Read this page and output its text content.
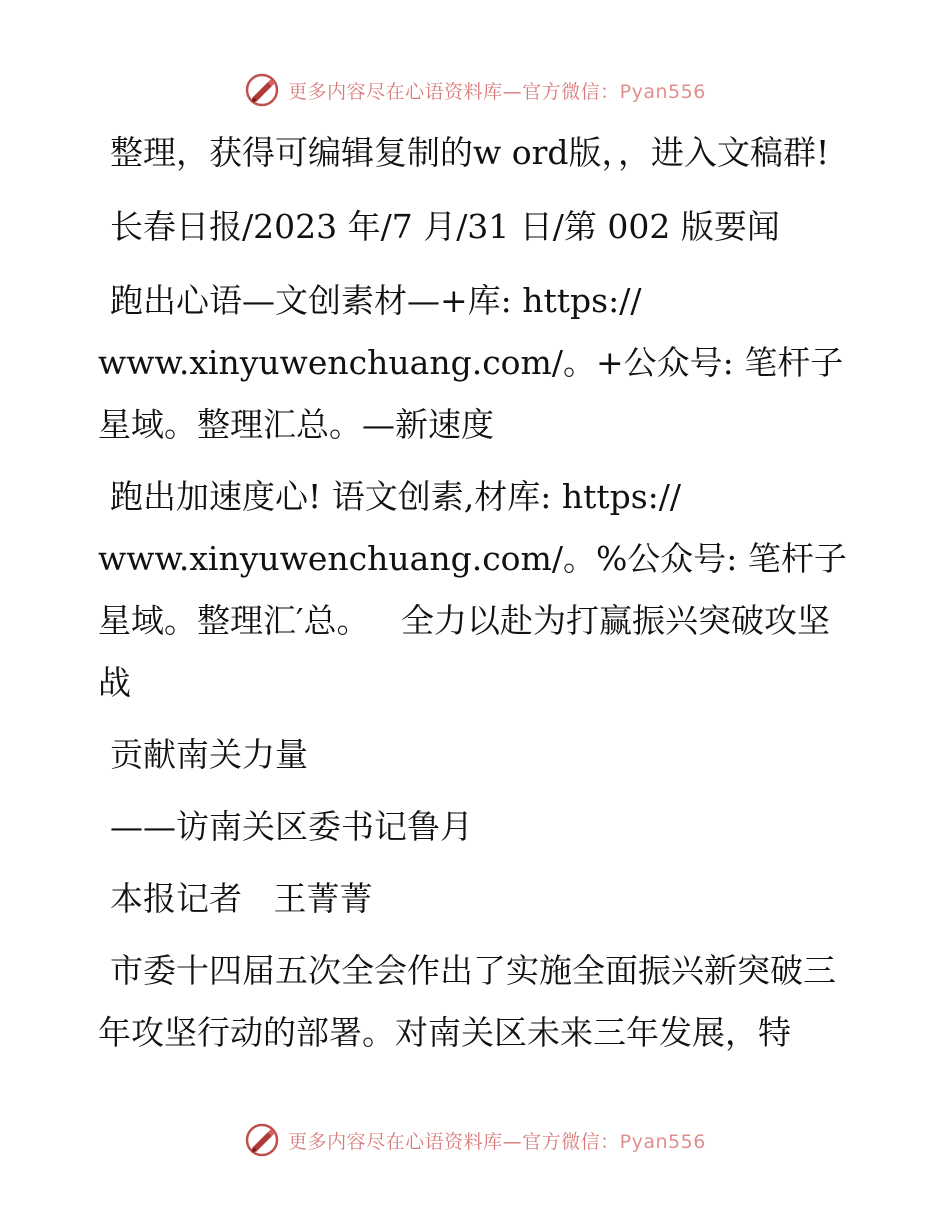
更多内容尽在心语资料库—官方微信：Pyan556

整理，获得可编辑复制的w ord版，，进入文稿群!

长春日报/2023 年/7 月/31 日/第 002 版要闻

跑出心语—文创素材—+库: https:// www.xinyuwenchuang.com/。+公众号: 笔杆子星域。整理汇总。—新速度

跑出加速度心! 语文创素,材库: https:// www.xinyuwenchuang.com/。%公众号: 笔杆子星域。整理汇′总。   全力以赴为打赢振兴突破攻坚战

贡献南关力量

——访南关区委书记鲁月

本报记者   王菁菁

市委十四届五次全会作出了实施全面振兴新突破三年攻坚行动的部署。对南关区未来三年发展，特

更多内容尽在心语资料库—官方微信：Pyan556
